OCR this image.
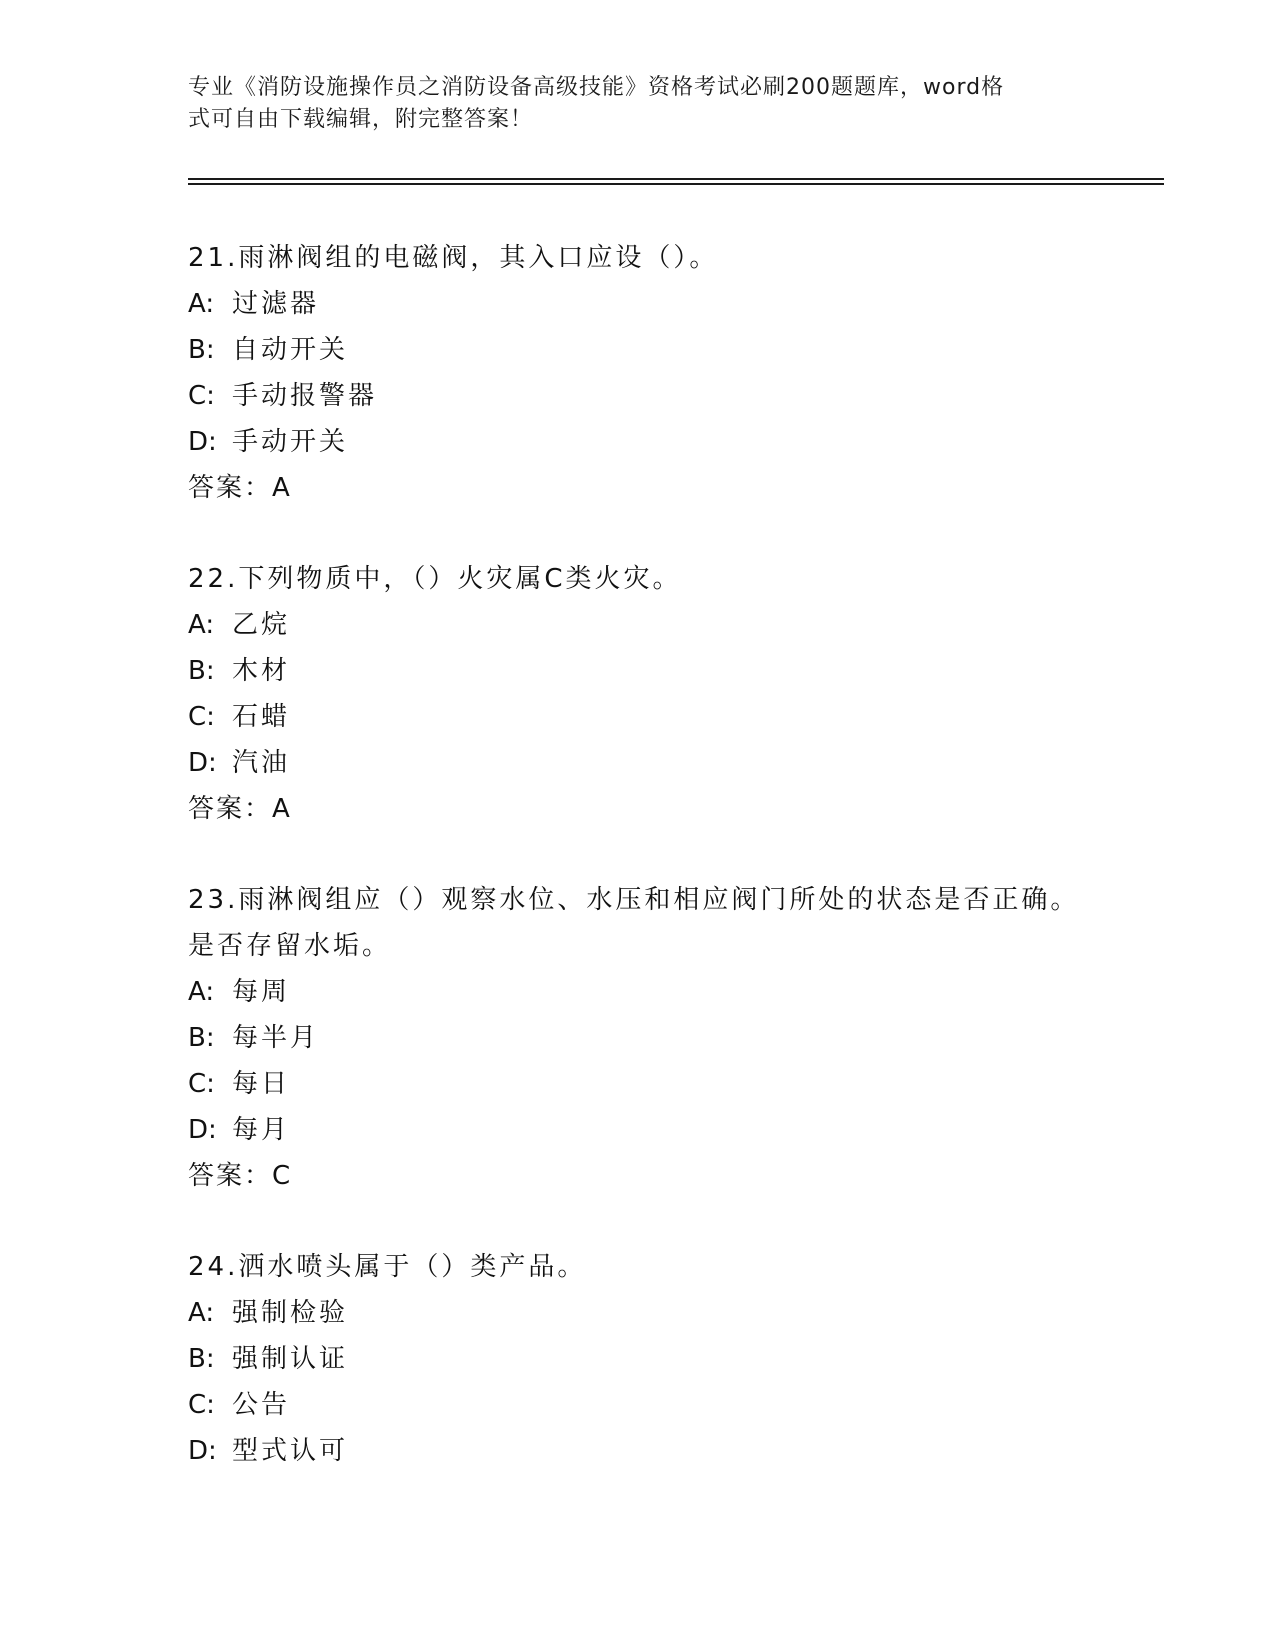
专业《消防设施操作员之消防设备高级技能》资格考试必刷200题题库，word格
式可自由下载编辑，附完整答案！

21.雨淋阀组的电磁阀，其入口应设（）。

A: 过滤器

B: 自动开关

C: 手动报警器

D: 手动开关

答案： A

22.下列物质中，（）火灾属C类火灾。

A: 乙烷

B: 木材

C: 石蜡

D: 汽油

答案： A

23.雨淋阀组应（）观察水位、水压和相应阀门所处的状态是否正确。

是否存留水垢。

A: 每周

B: 每半月

C: 每日

D: 每月

答案： C

24.洒水喷头属于（）类产品。

A: 强制检验

B: 强制认证

C: 公告

D: 型式认可
